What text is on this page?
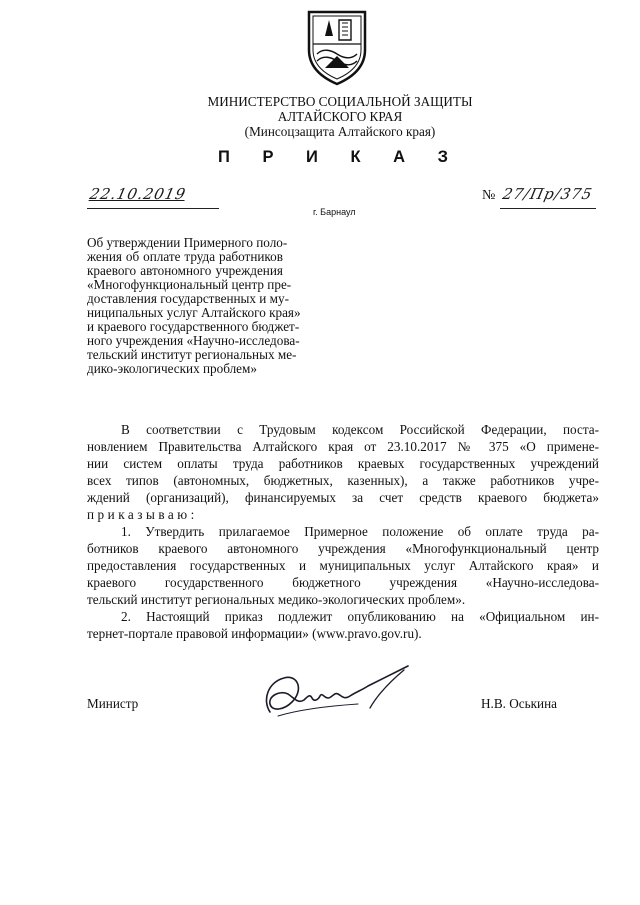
МИНИСТЕРСТВО СОЦИАЛЬНОЙ ЗАЩИТЫ
АЛТАЙСКОГО КРАЯ
(Минсоцзащита Алтайского края)
П Р И К А З
22.10.2019	№ 27/Пр/375
г. Барнаул
Об утверждении Примерного поло-
жения об оплате труда работников
краевого автономного учреждения
«Многофункциональный центр пре-
доставления государственных и му-
ниципальных услуг Алтайского края»
и краевого государственного бюджет-
ного учреждения «Научно-исследова-
тельский институт региональных ме-
дико-экологических проблем»
В соответствии с Трудовым кодексом Российской Федерации, поста-
новлением Правительства Алтайского края от 23.10.2017 № 375 «О примене-
нии систем оплаты труда работников краевых государственных учреждений
всех типов (автономных, бюджетных, казенных), а также работников учре-
ждений (организаций), финансируемых за счет средств краевого бюджета»
приказываю:
1. Утвердить прилагаемое Примерное положение об оплате труда ра-
ботников краевого автономного учреждения «Многофункциональный центр
предоставления государственных и муниципальных услуг Алтайского края» и
краевого государственного бюджетного учреждения «Научно-исследова-
тельский институт региональных медико-экологических проблем».
2. Настоящий приказ подлежит опубликованию на «Официальном ин-
тернет-портале правовой информации» (www.pravo.gov.ru).
Министр	Н.В. Оськина
